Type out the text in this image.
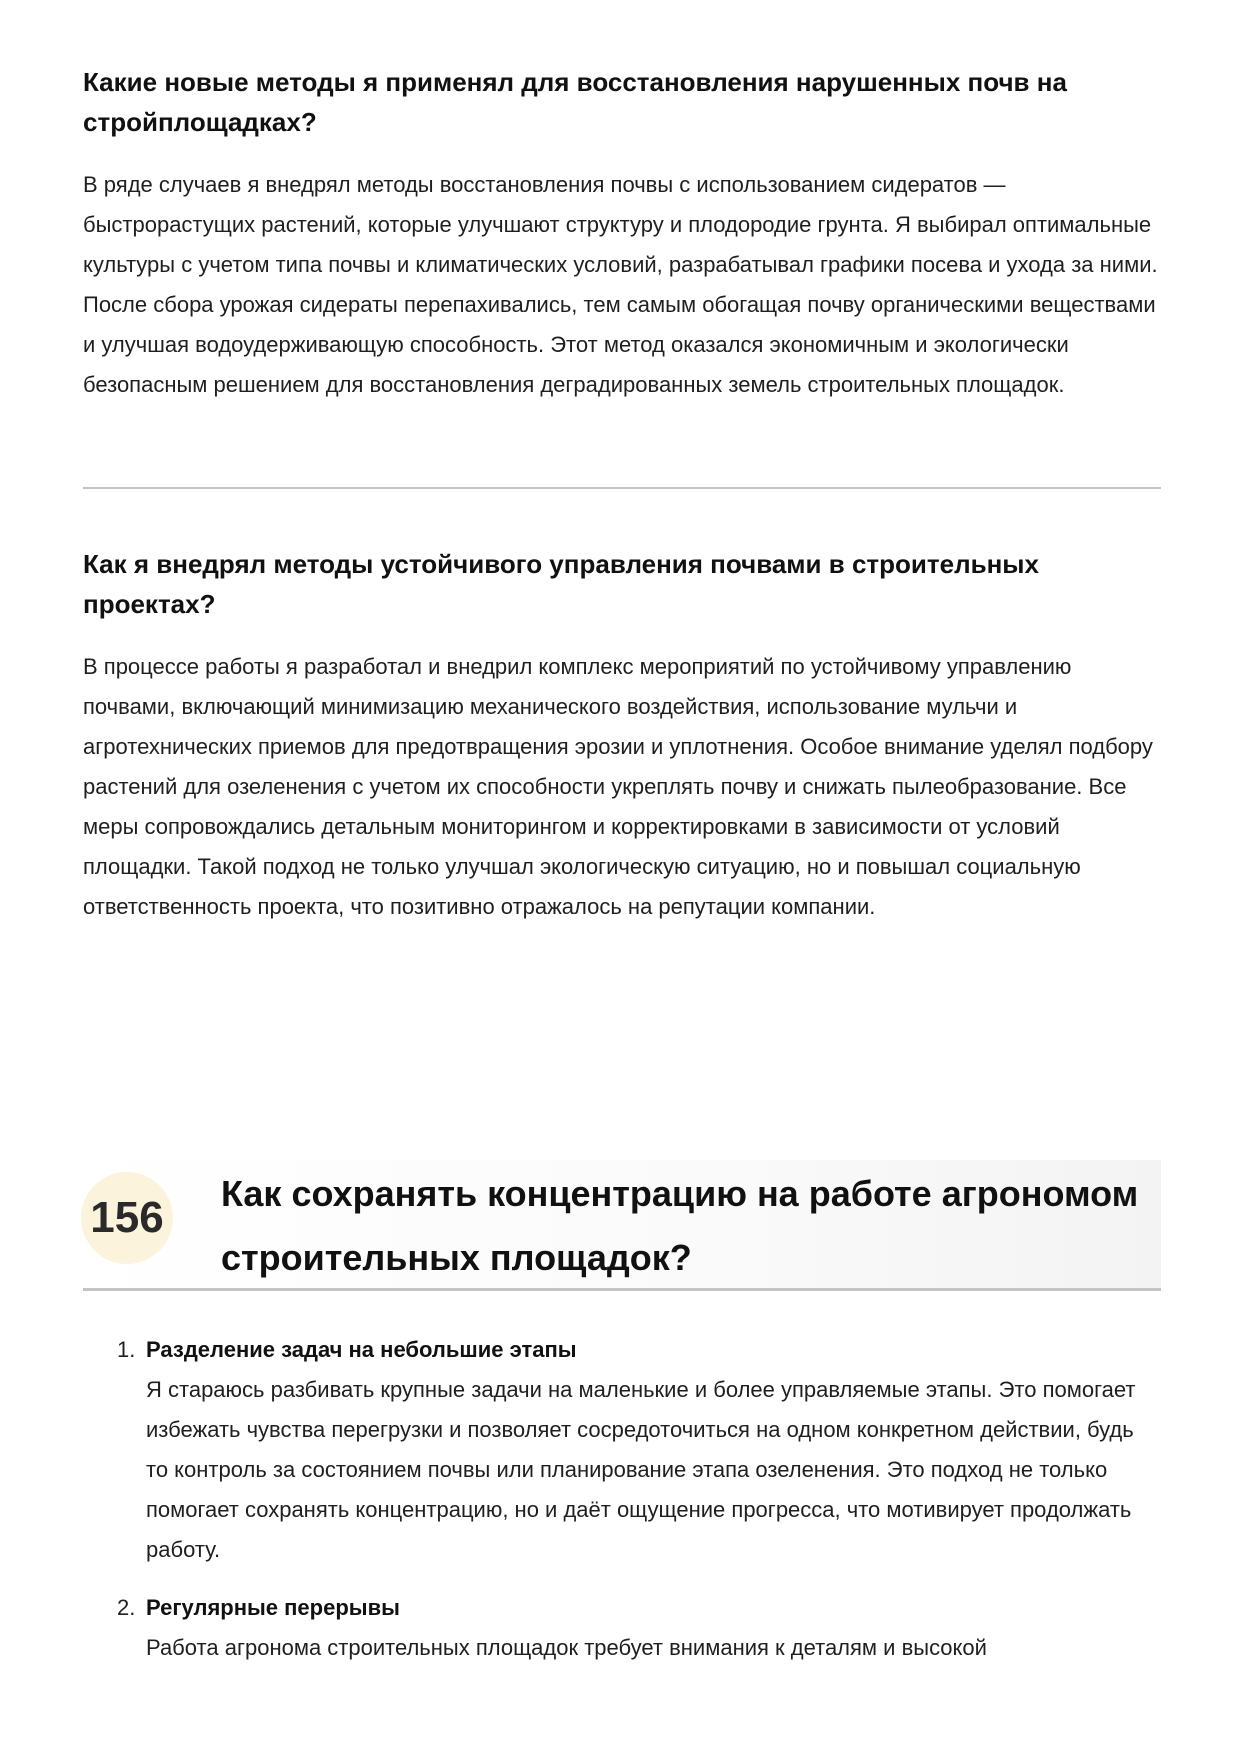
Какие новые методы я применял для восстановления нарушенных почв на стройплощадках?

В ряде случаев я внедрял методы восстановления почвы с использованием сидератов — быстрорастущих растений, которые улучшают структуру и плодородие грунта. Я выбирал оптимальные культуры с учетом типа почвы и климатических условий, разрабатывал графики посева и ухода за ними. После сбора урожая сидераты перепахивались, тем самым обогащая почву органическими веществами и улучшая водоудерживающую способность. Этот метод оказался экономичным и экологически безопасным решением для восстановления деградированных земель строительных площадок.

Как я внедрял методы устойчивого управления почвами в строительных проектах?

В процессе работы я разработал и внедрил комплекс мероприятий по устойчивому управлению почвами, включающий минимизацию механического воздействия, использование мульчи и агротехнических приемов для предотвращения эрозии и уплотнения. Особое внимание уделял подбору растений для озеленения с учетом их способности укреплять почву и снижать пылеобразование. Все меры сопровождались детальным мониторингом и корректировками в зависимости от условий площадки. Такой подход не только улучшал экологическую ситуацию, но и повышал социальную ответственность проекта, что позитивно отражалось на репутации компании.

156 Как сохранять концентрацию на работе агрономом строительных площадок?
1. Разделение задач на небольшие этапы

Я стараюсь разбивать крупные задачи на маленькие и более управляемые этапы. Это помогает избежать чувства перегрузки и позволяет сосредоточиться на одном конкретном действии, будь то контроль за состоянием почвы или планирование этапа озеленения. Это подход не только помогает сохранять концентрацию, но и даёт ощущение прогресса, что мотивирует продолжать работу.

2. Регулярные перерывы

Работа агронома строительных площадок требует внимания к деталям и высокой
